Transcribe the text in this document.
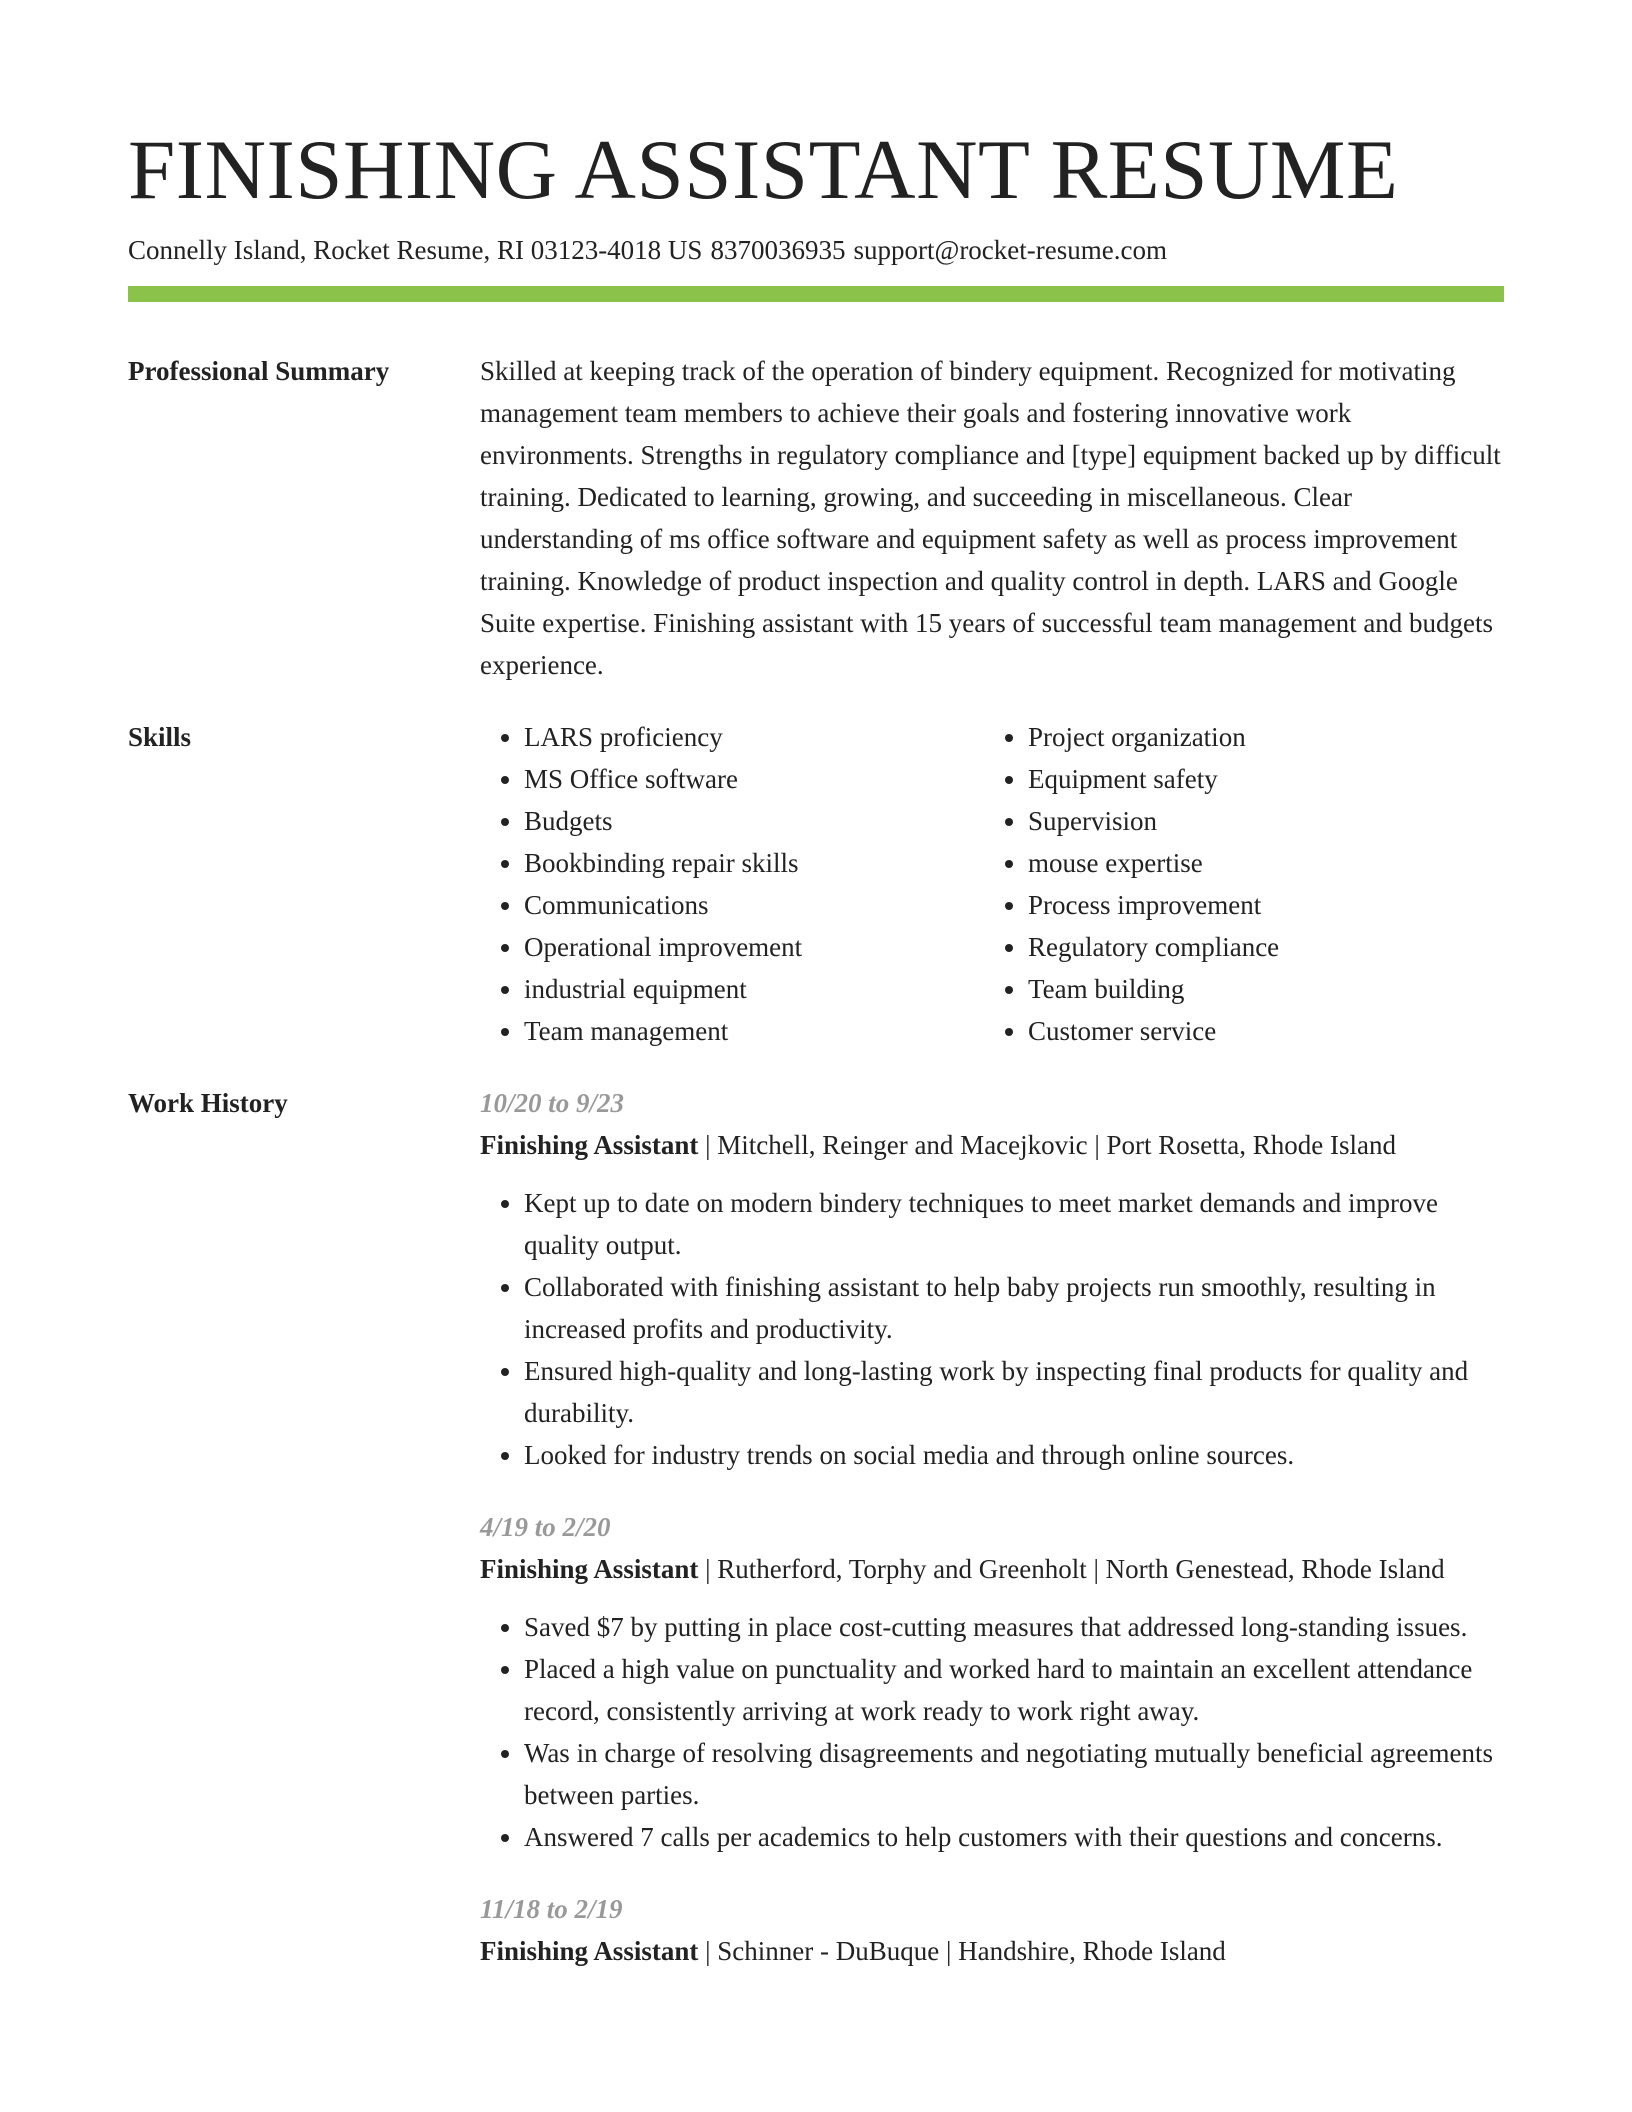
FINISHING ASSISTANT RESUME
Connelly Island, Rocket Resume, RI 03123-4018 US 8370036935 support@rocket-resume.com
Professional Summary	Skilled at keeping track of the operation of bindery equipment. Recognized for motivating management team members to achieve their goals and fostering innovative work environments. Strengths in regulatory compliance and [type] equipment backed up by difficult training. Dedicated to learning, growing, and succeeding in miscellaneous. Clear understanding of ms office software and equipment safety as well as process improvement training. Knowledge of product inspection and quality control in depth. LARS and Google Suite expertise. Finishing assistant with 15 years of successful team management and budgets experience.

Skills
•	LARS proficiency
• MS Office software
• Budgets
• Bookbinding repair skills
• Communications
• Operational improvement
• industrial equipment
• Team management
• Project organization
• Equipment safety
• Supervision
• mouse expertise
• Process improvement
• Regulatory compliance
• Team building
• Customer service
Work History	10/20 to 9/23
Finishing Assistant | Mitchell, Reinger and Macejkovic | Port Rosetta, Rhode Island
• Kept up to date on modern bindery techniques to meet market demands and improve quality output.
• Collaborated with finishing assistant to help baby projects run smoothly, resulting in increased profits and productivity.
• Ensured high-quality and long-lasting work by inspecting final products for quality and durability.
• Looked for industry trends on social media and through online sources.
4/19 to 2/20
Finishing Assistant | Rutherford, Torphy and Greenholt | North Genestead, Rhode Island
• Saved $7 by putting in place cost-cutting measures that addressed long-standing issues.
• Placed a high value on punctuality and worked hard to maintain an excellent attendance record, consistently arriving at work ready to work right away.
• Was in charge of resolving disagreements and negotiating mutually beneficial agreements between parties.
• Answered 7 calls per academics to help customers with their questions and concerns.
11/18 to 2/19
Finishing Assistant | Schinner - DuBuque | Handshire, Rhode Island
